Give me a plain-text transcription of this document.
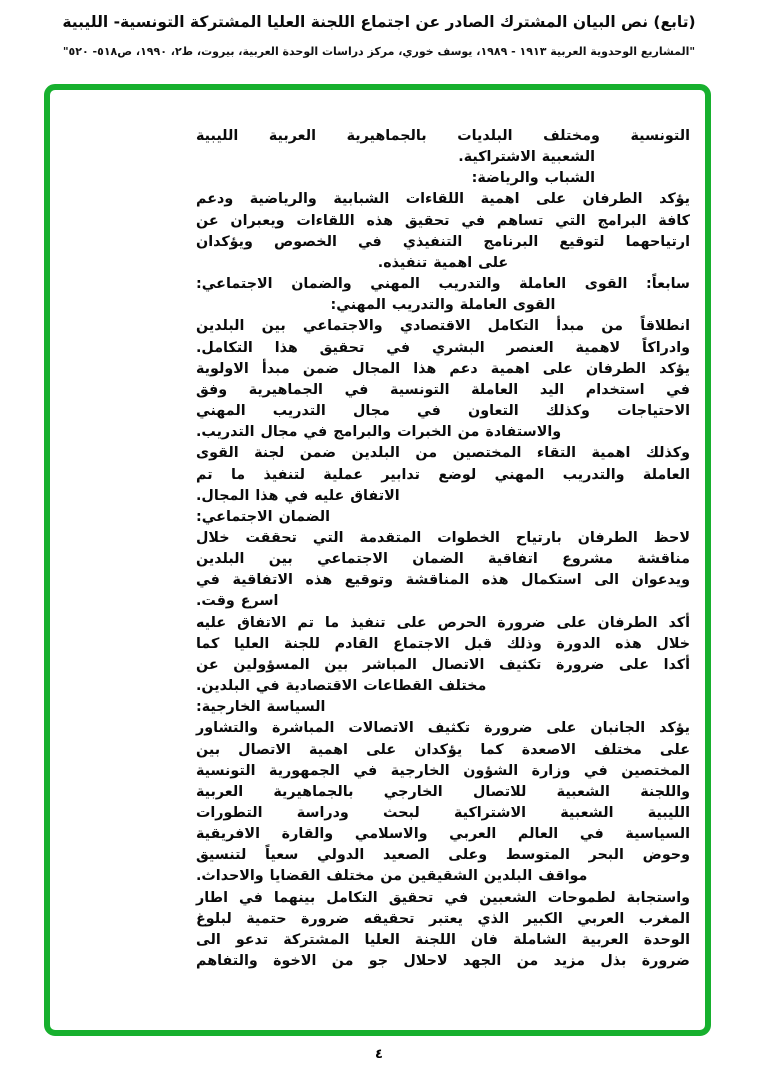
(تابع) نص البيان المشترك الصادر عن اجتماع اللجنة العليا المشتركة التونسية- الليبية
"المشاريع الوحدوية العربية ١٩١٣ - ١٩٨٩، يوسف خوري، مركز دراسات الوحدة العربية، بيروت، ط٢، ١٩٩٠، ص٥١٨- ٥٢٠"
التونسية ومختلف البلديات بالجماهيرية العربية الليبية
الشعبية الاشتراكية.
الشباب والرياضة:
يؤكد الطرفان على اهمية اللقاءات الشبابية والرياضية ودعم
كافة البرامج التي تساهم في تحقيق هذه اللقاءات ويعبران عن
ارتياحهما لتوقيع البرنامج التنفيذي في الخصوص ويؤكدان
على اهمية تنفيذه.
سابعاً: القوى العاملة والتدريب المهني والضمان الاجتماعي:
القوى العاملة والتدريب المهني:
انطلاقاً من مبدأ التكامل الاقتصادي والاجتماعي بين البلدين
وادراكاً لاهمية العنصر البشري في تحقيق هذا التكامل.
يؤكد الطرفان على اهمية دعم هذا المجال ضمن مبدأ الاولوية
في استخدام اليد العاملة التونسية في الجماهيرية وفق
الاحتياجات وكذلك التعاون في مجال التدريب المهني
والاستفادة من الخبرات والبرامج في مجال التدريب.
وكذلك اهمية التقاء المختصين من البلدين ضمن لجنة القوى
العاملة والتدريب المهني لوضع تدابير عملية لتنفيذ ما تم
الاتفاق عليه في هذا المجال.
الضمان الاجتماعي:
لاحظ الطرفان بارتياح الخطوات المتقدمة التي تحققت خلال
مناقشة مشروع اتفاقية الضمان الاجتماعي بين البلدين
ويدعوان الى استكمال هذه المناقشة وتوقيع هذه الاتفاقية في
اسرع وقت.
أكد الطرفان على ضرورة الحرص على تنفيذ ما تم الاتفاق عليه
خلال هذه الدورة وذلك قبل الاجتماع القادم للجنة العليا كما
أكدا على ضرورة تكثيف الاتصال المباشر بين المسؤولين عن
مختلف القطاعات الاقتصادية في البلدين.
السياسة الخارجية:
يؤكد الجانبان على ضرورة تكثيف الاتصالات المباشرة والتشاور
على مختلف الاصعدة كما يؤكدان على اهمية الاتصال بين
المختصين في وزارة الشؤون الخارجية في الجمهورية التونسية
واللجنة الشعبية للاتصال الخارجي بالجماهيرية العربية
الليبية الشعبية الاشتراكية لبحث ودراسة التطورات
السياسية في العالم العربي والاسلامي والقارة الافريقية
وحوض البحر المتوسط وعلى الصعيد الدولي سعياً لتنسيق
مواقف البلدين الشقيقين من مختلف القضايا والاحداث.
واستجابة لطموحات الشعبين في تحقيق التكامل بينهما في اطار
المغرب العربي الكبير الذي يعتبر تحقيقه ضرورة حتمية لبلوغ
الوحدة العربية الشاملة فان اللجنة العليا المشتركة تدعو الى
ضرورة بذل مزيد من الجهد لاحلال جو من الاخوة والتفاهم
٤
